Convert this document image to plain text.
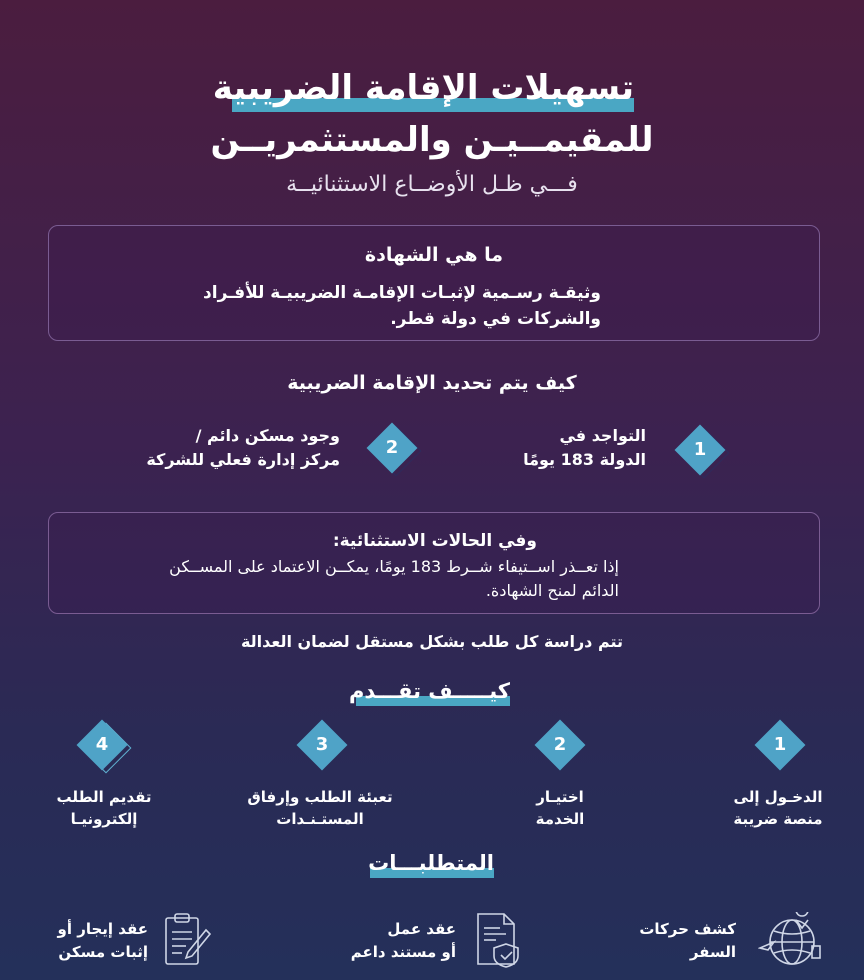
تسهيلات الإقامة الضريبية
للمقيمــيـن والمستثمريــن
فـــي ظـل الأوضــاع الاستثنائيــة
ما هي الشهادة
وثيقـة رسـمية لإثبـات الإقامـة الضريبيـة للأفـراد والشركات في دولة قطر.
كيف يتم تحديد الإقامة الضريبية
1
التواجد في
الدولة 183 يومًا
2
وجود مسكن دائم /
مركز إدارة فعلي للشركة
وفي الحالات الاستثنائية:
إذا تعــذر اســتيفاء شــرط 183 يومًا، يمكــن الاعتماد على المســكن الدائم لمنح الشهادة.
تتم دراسة كل طلب بشكل مستقل لضمان العدالة
كيـــــف تقـــدم
1
2
3
4
الدخـول إلى
منصة ضريبة
اختيـار
الخدمة
تعبئة الطلب وإرفاق
المستـنـدات
تقديم الطلب
إلكترونيـا
المتطلبـــات
كشف حركات
السفر
عقد عمل
أو مستند داعم
عقد إيجار أو
إثبات مسكن
